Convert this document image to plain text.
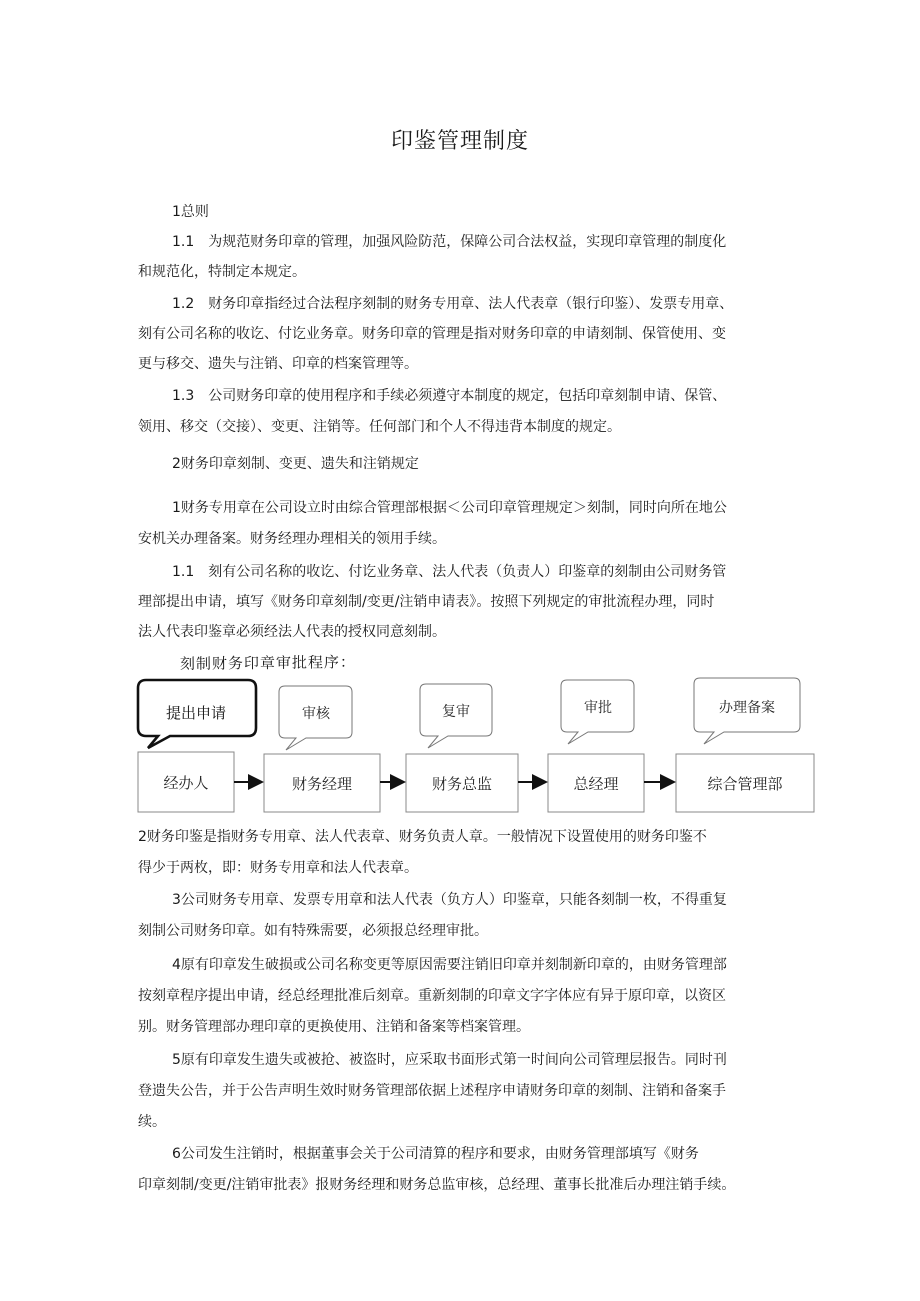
印鉴管理制度

1总则

1.1　为规范财务印章的管理，加强风险防范，保障公司合法权益，实现印章管理的制度化

和规范化，特制定本规定。

1.2　财务印章指经过合法程序刻制的财务专用章、法人代表章（银行印鉴）、发票专用章、

刻有公司名称的收讫、付讫业务章。财务印章的管理是指对财务印章的申请刻制、保管使用、变

更与移交、遗失与注销、印章的档案管理等。

1.3　公司财务印章的使用程序和手续必须遵守本制度的规定，包括印章刻制申请、保管、

领用、移交（交接）、变更、注销等。任何部门和个人不得违背本制度的规定。

2财务印章刻制、变更、遗失和注销规定

1财务专用章在公司设立时由综合管理部根据＜公司印章管理规定＞刻制，同时向所在地公

安机关办理备案。财务经理办理相关的领用手续。

1.1　刻有公司名称的收讫、付讫业务章、法人代表（负责人）印鉴章的刻制由公司财务管

理部提出申请，填写《财务印章刻制/变更/注销申请表》。按照下列规定的审批流程办理，同时

法人代表印鉴章必须经法人代表的授权同意刻制。

刻制财务印章审批程序：
提出申请	审核	复审	审批	办理备案
经办人	财务经理	财务总监	总经理	综合管理部

2财务印鉴是指财务专用章、法人代表章、财务负责人章。一般情况下设置使用的财务印鉴不

得少于两枚，即：财务专用章和法人代表章。

3公司财务专用章、发票专用章和法人代表（负方人）印鉴章，只能各刻制一枚，不得重复

刻制公司财务印章。如有特殊需要，必须报总经理审批。

4原有印章发生破损或公司名称变更等原因需要注销旧印章并刻制新印章的，由财务管理部

按刻章程序提出申请，经总经理批准后刻章。重新刻制的印章文字字体应有异于原印章，以资区

别。财务管理部办理印章的更换使用、注销和备案等档案管理。

5原有印章发生遗失或被抢、被盗时，应采取书面形式第一时间向公司管理层报告。同时刊

登遗失公告，并于公告声明生效时财务管理部依据上述程序申请财务印章的刻制、注销和备案手

续。

6公司发生注销时，根据董事会关于公司清算的程序和要求，由财务管理部填写《财务

印章刻制/变更/注销审批表》报财务经理和财务总监审核，总经理、董事长批准后办理注销手续。
